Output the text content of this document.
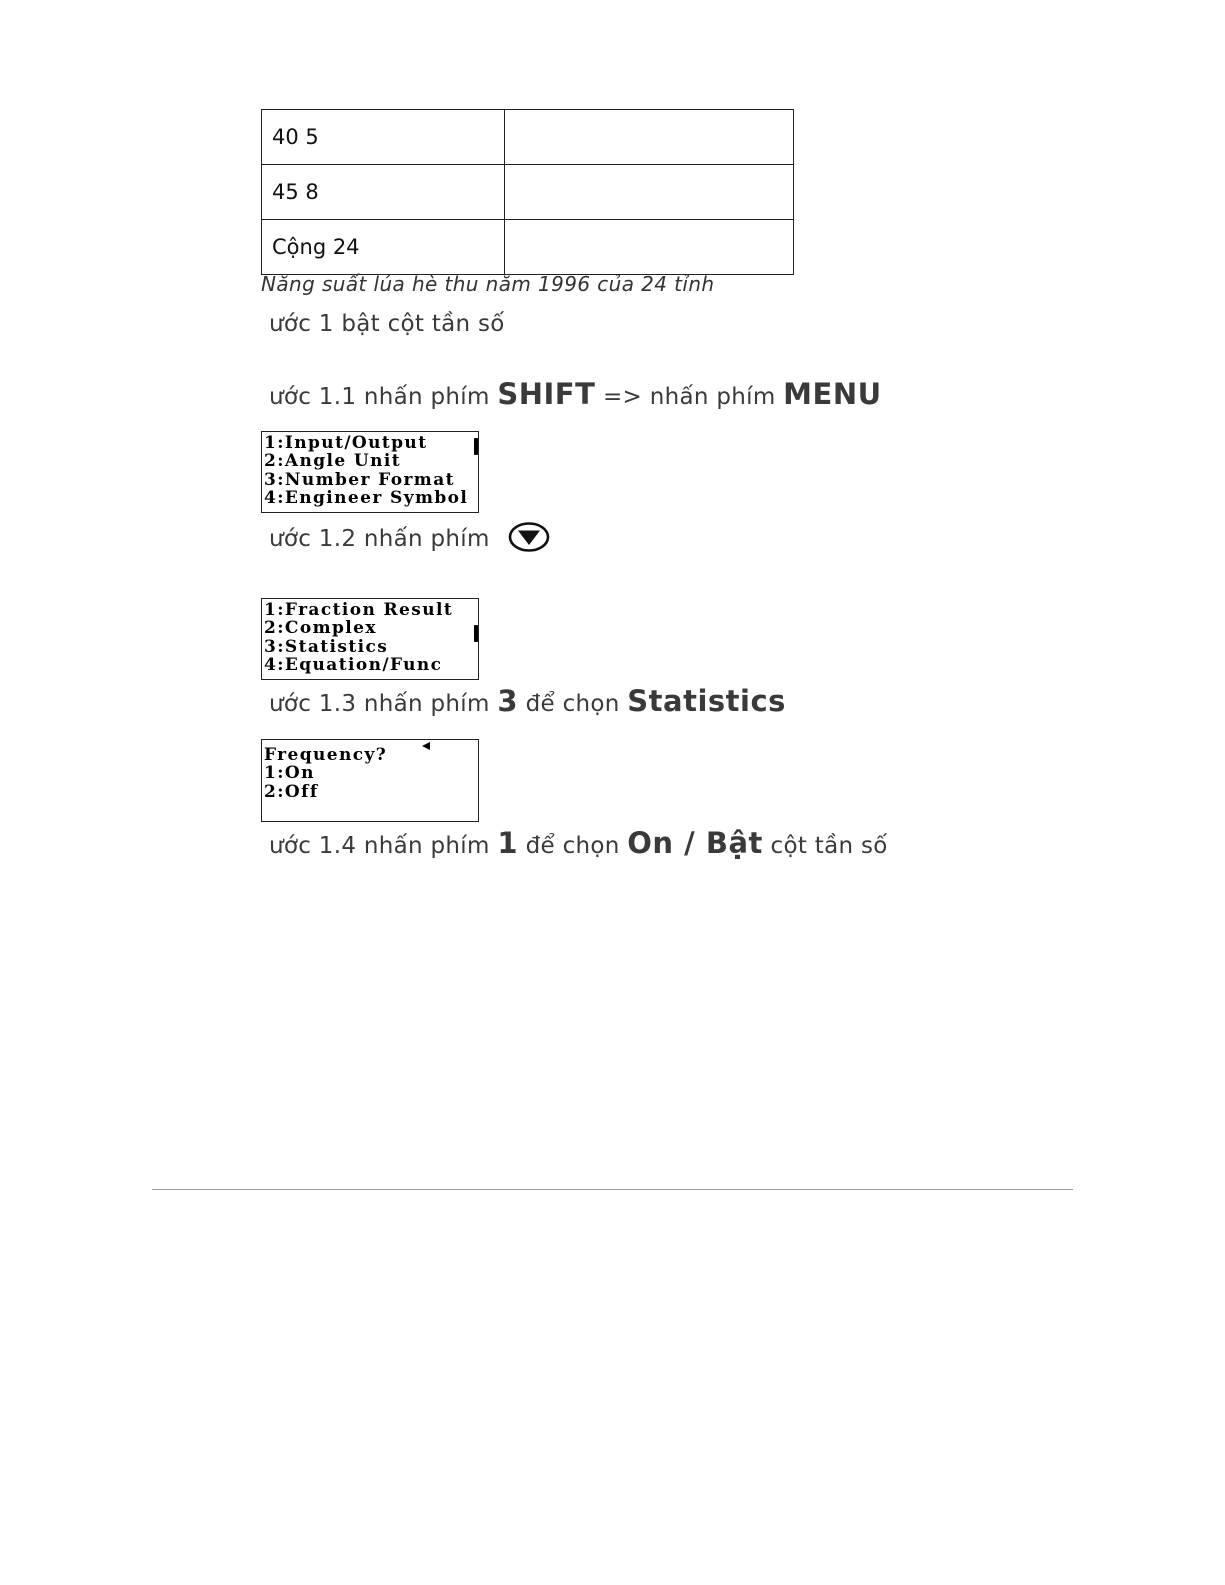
40 5	
45 8	
Cộng 24	
Năng suất lúa hè thu năm 1996 của 24 tỉnh
ước 1 bật cột tần số
ước 1.1 nhấn phím SHIFT => nhấn phím MENU
1:Input/Output
2:Angle Unit
3:Number Format
4:Engineer Symbol
ước 1.2 nhấn phím
1:Fraction Result
2:Complex
3:Statistics
4:Equation/Func
ước 1.3 nhấn phím 3 để chọn Statistics
Frequency?
1:On
2:Off
ước 1.4 nhấn phím 1 để chọn On / Bật cột tần số
